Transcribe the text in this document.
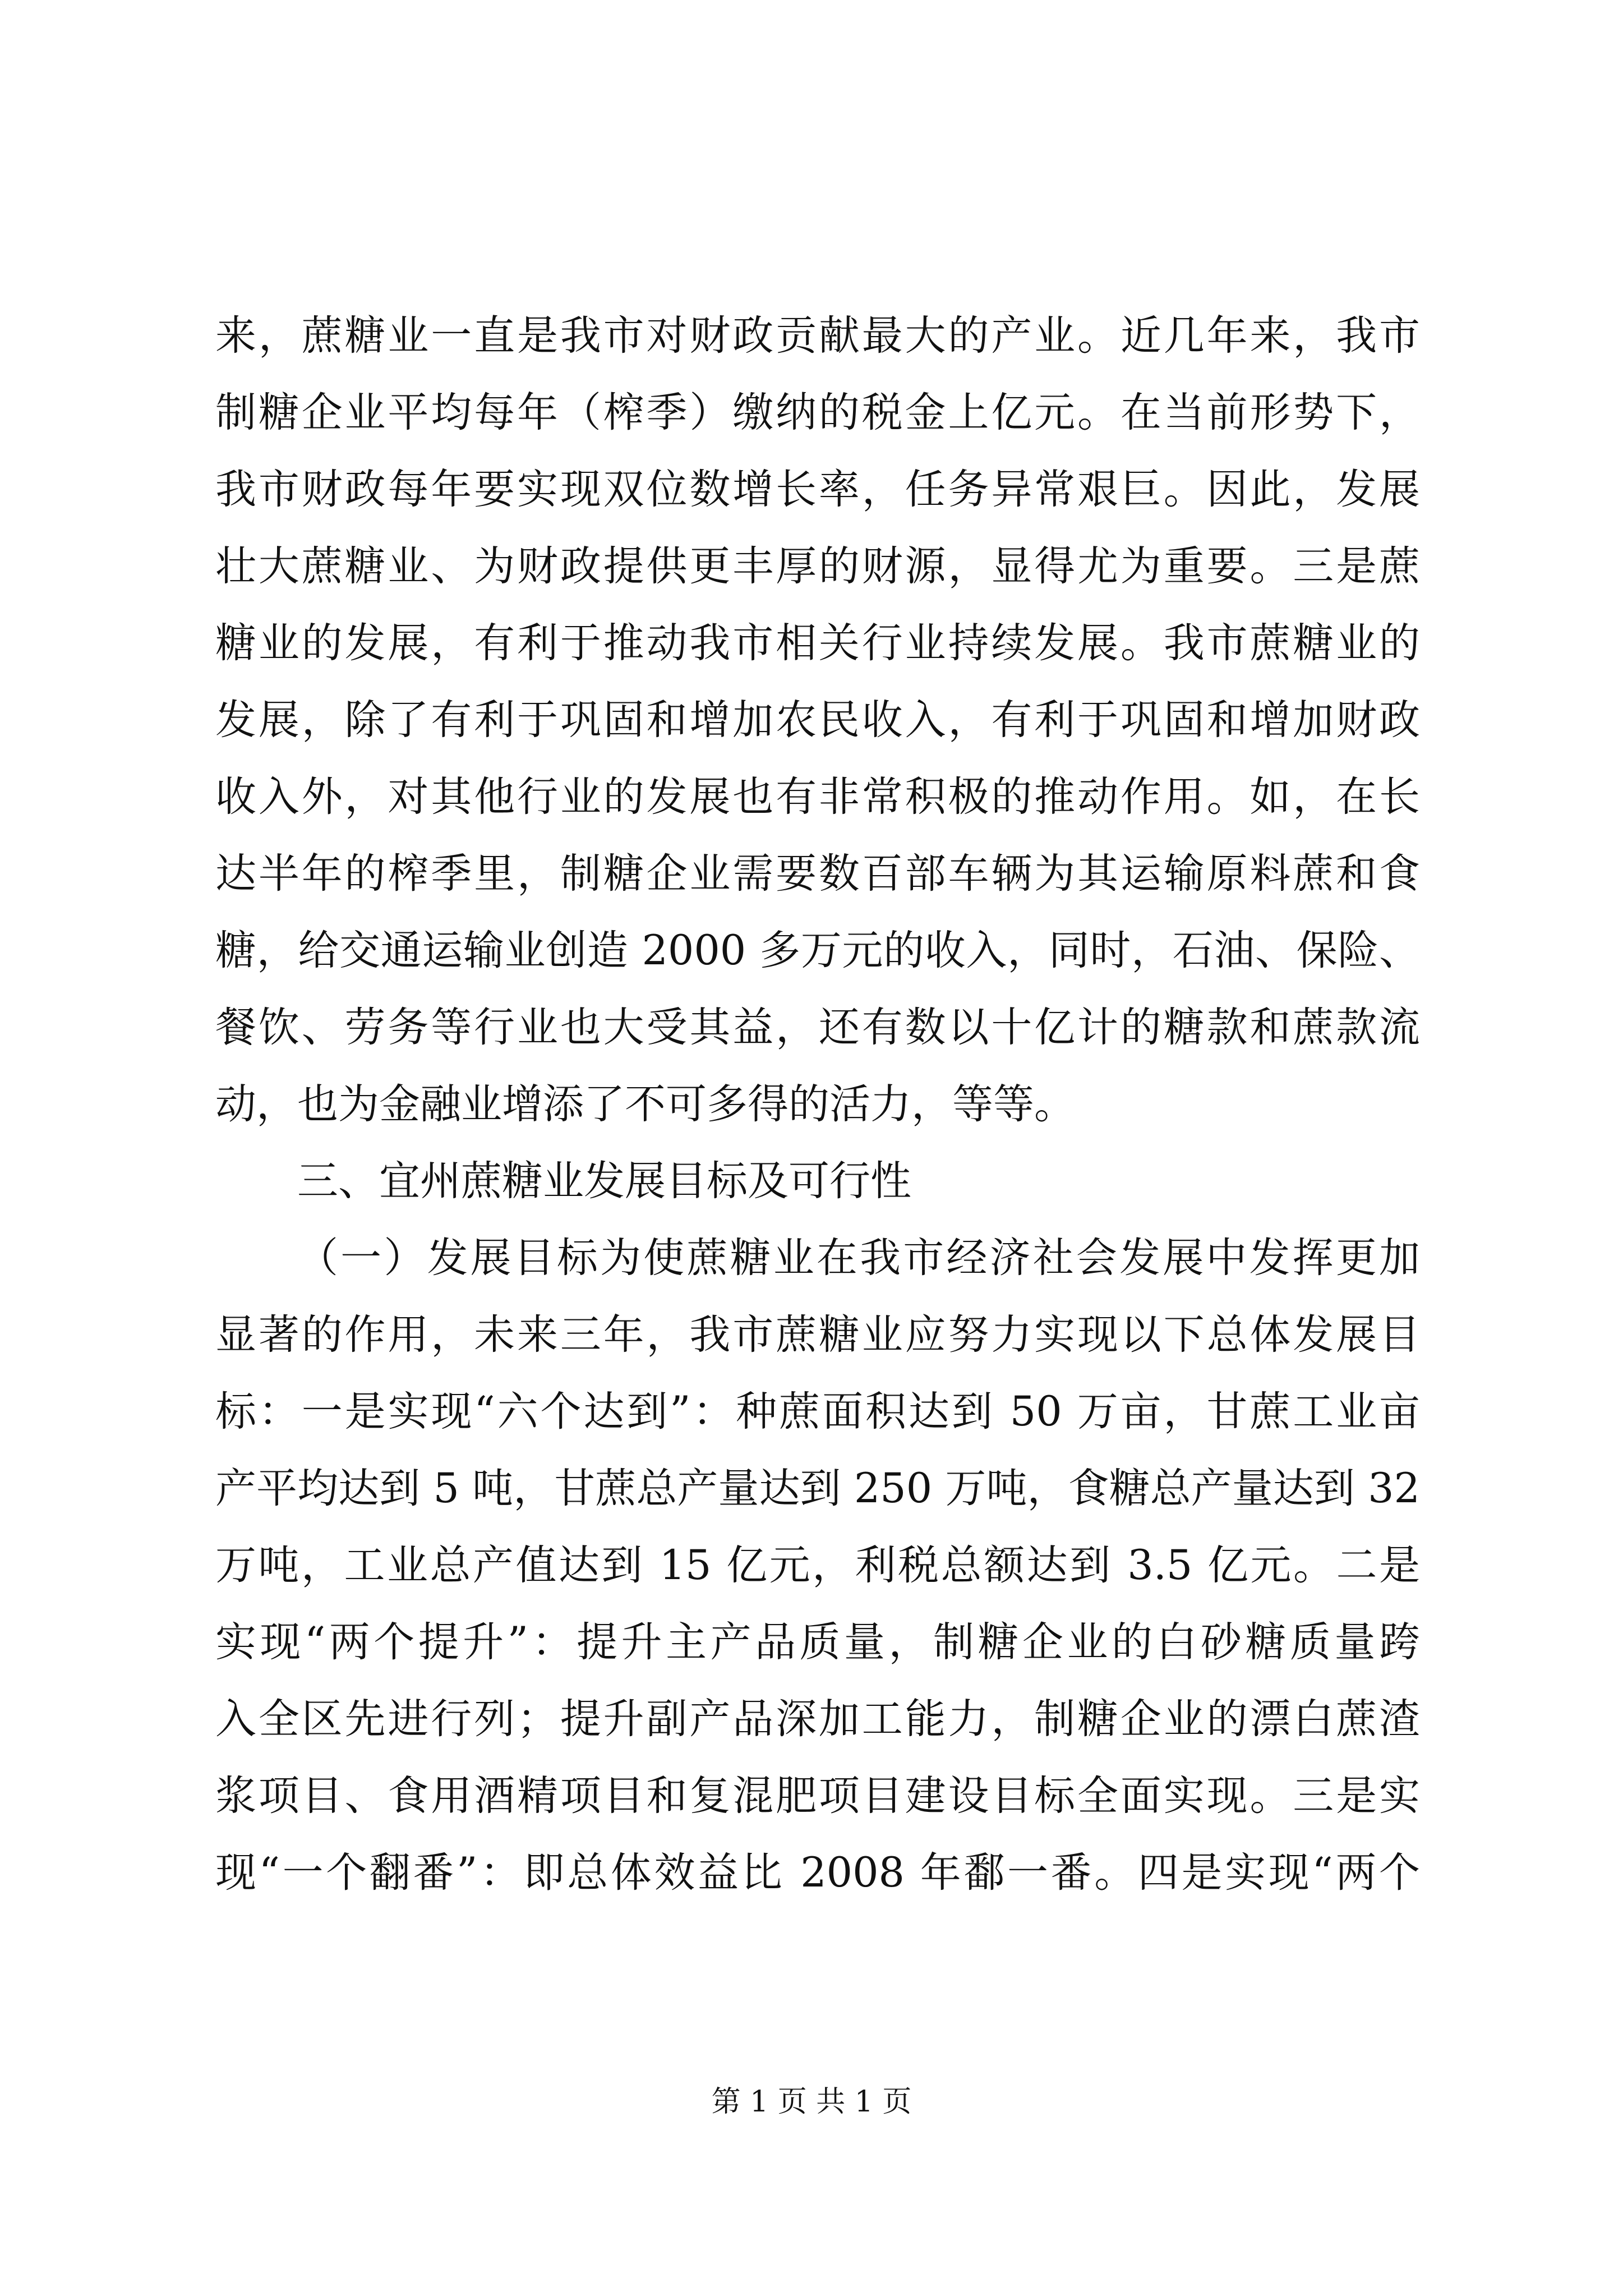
来，蔗糖业一直是我市对财政贡献最大的产业。近几年来，我市
制糖企业平均每年（榨季）缴纳的税金上亿元。在当前形势下，
我市财政每年要实现双位数增长率，任务异常艰巨。因此，发展
壮大蔗糖业、为财政提供更丰厚的财源，显得尤为重要。三是蔗
糖业的发展，有利于推动我市相关行业持续发展。我市蔗糖业的
发展，除了有利于巩固和增加农民收入，有利于巩固和增加财政
收入外，对其他行业的发展也有非常积极的推动作用。如，在长
达半年的榨季里，制糖企业需要数百部车辆为其运输原料蔗和食
糖，给交通运输业创造 2000 多万元的收入，同时，石油、保险、
餐饮、劳务等行业也大受其益，还有数以十亿计的糖款和蔗款流
动，也为金融业增添了不可多得的活力，等等。
三、宜州蔗糖业发展目标及可行性
（一）发展目标为使蔗糖业在我市经济社会发展中发挥更加
显著的作用，未来三年，我市蔗糖业应努力实现以下总体发展目
标：一是实现“六个达到”：种蔗面积达到 50 万亩，甘蔗工业亩
产平均达到 5 吨，甘蔗总产量达到 250 万吨，食糖总产量达到 32
万吨，工业总产值达到 15 亿元，利税总额达到 3.5 亿元。二是
实现“两个提升”：提升主产品质量，制糖企业的白砂糖质量跨
入全区先进行列；提升副产品深加工能力，制糖企业的漂白蔗渣
浆项目、食用酒精项目和复混肥项目建设目标全面实现。三是实
现“一个翻番”：即总体效益比 2008 年鄱一番。四是实现“两个
第 1 页 共 1 页
